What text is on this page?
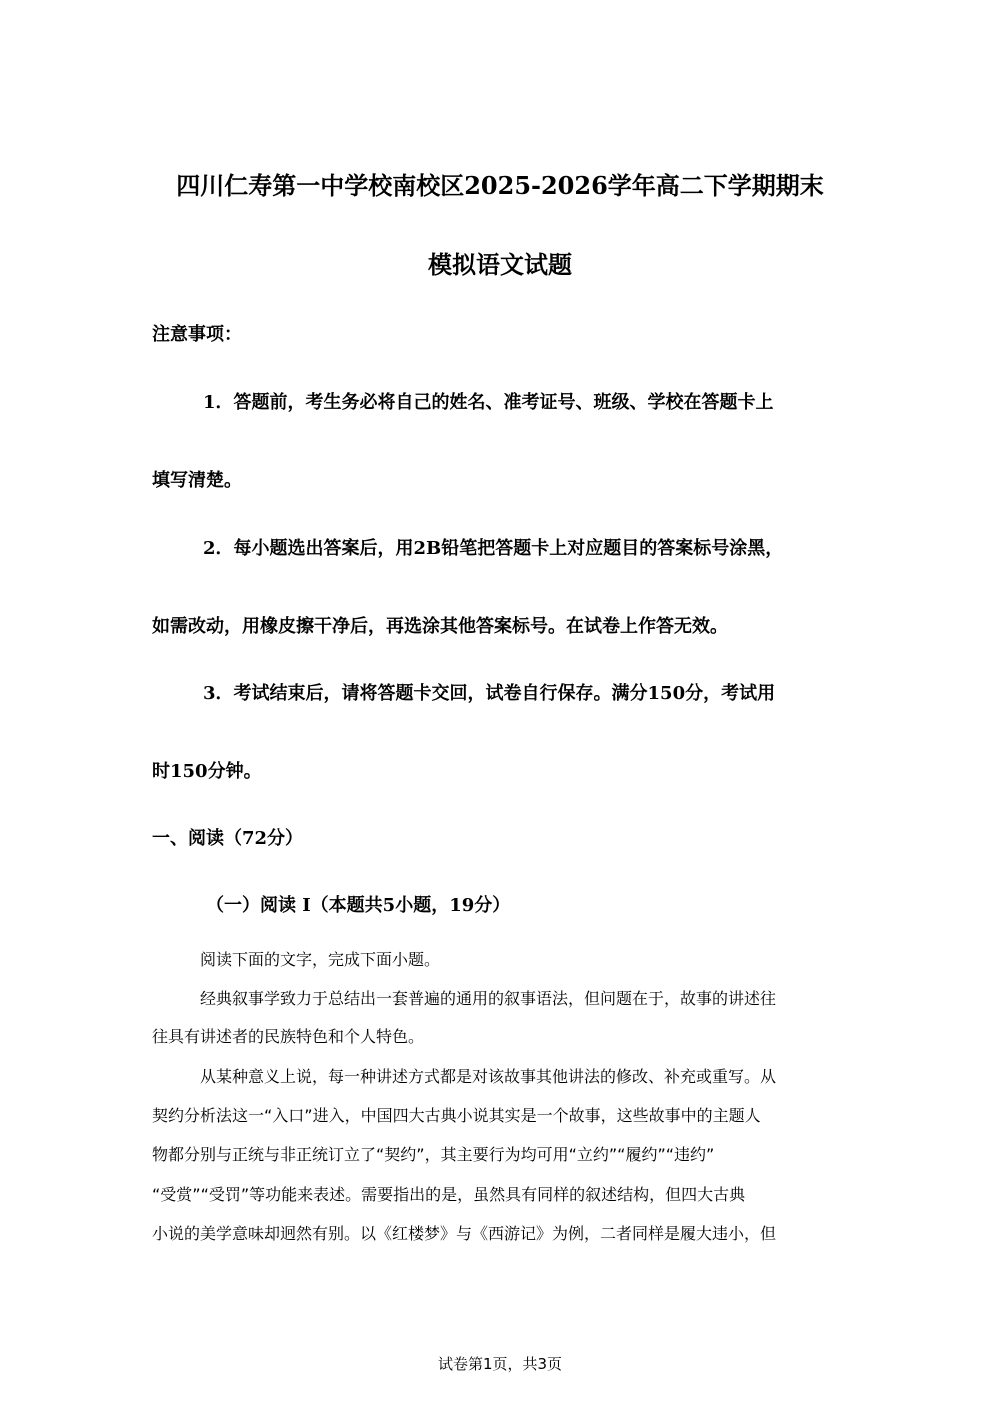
四川仁寿第一中学校南校区2025-2026学年高二下学期期末
模拟语文试题
注意事项：
1．答题前，考生务必将自己的姓名、准考证号、班级、学校在答题卡上
填写清楚。
2．每小题选出答案后，用2B铅笔把答题卡上对应题目的答案标号涂黑，
如需改动，用橡皮擦干净后，再选涂其他答案标号。在试卷上作答无效。
3．考试结束后，请将答题卡交回，试卷自行保存。满分150分，考试用
时150分钟。
一、阅读（72分）
（一）阅读 I（本题共5小题，19分）
阅读下面的文字，完成下面小题。
经典叙事学致力于总结出一套普遍的通用的叙事语法，但问题在于，故事的讲述往
往具有讲述者的民族特色和个人特色。
从某种意义上说，每一种讲述方式都是对该故事其他讲法的修改、补充或重写。从
契约分析法这一“入口”进入，中国四大古典小说其实是一个故事，这些故事中的主题人
物都分别与正统与非正统订立了“契约”，其主要行为均可用“立约”“履约”“违约”
“受赏”“受罚”等功能来表述。需要指出的是，虽然具有同样的叙述结构，但四大古典
小说的美学意味却迥然有别。以《红楼梦》与《西游记》为例，二者同样是履大违小，但
试卷第1页，共3页
